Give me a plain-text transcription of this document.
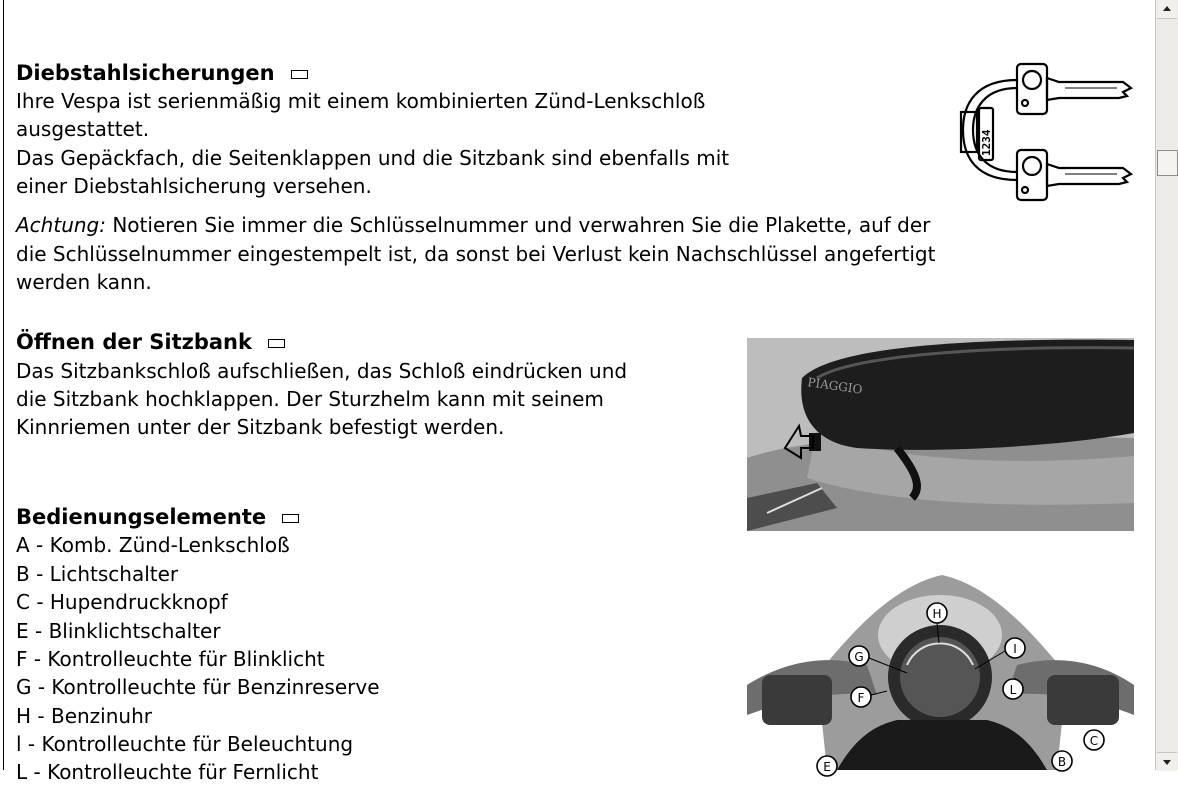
Diebstahlsicherungen
Ihre Vespa ist serienmäßig mit einem kombinierten Zünd-Lenkschloß
ausgestattet.
Das Gepäckfach, die Seitenklappen und die Sitzbank sind ebenfalls mit
einer Diebstahlsicherung versehen.
Achtung: Notieren Sie immer die Schlüsselnummer und verwahren Sie die Plakette, auf der
die Schlüsselnummer eingestempelt ist, da sonst bei Verlust kein Nachschlüssel angefertigt
werden kann.
1234
Öffnen der Sitzbank
Das Sitzbankschloß aufschließen, das Schloß eindrücken und
die Sitzbank hochklappen. Der Sturzhelm kann mit seinem
Kinnriemen unter der Sitzbank befestigt werden.
PIAGGIO
Bedienungselemente
A - Komb. Zünd-Lenkschloß
B - Lichtschalter
C - Hupendruckknopf
E - Blinklichtschalter
F - Kontrolleuchte für Blinklicht
G - Kontrolleuchte für Benzinreserve
H - Benzinuhr
l - Kontrolleuchte für Beleuchtung
L - Kontrolleuchte für Fernlicht
H
G
I
F
L
C
B
E
